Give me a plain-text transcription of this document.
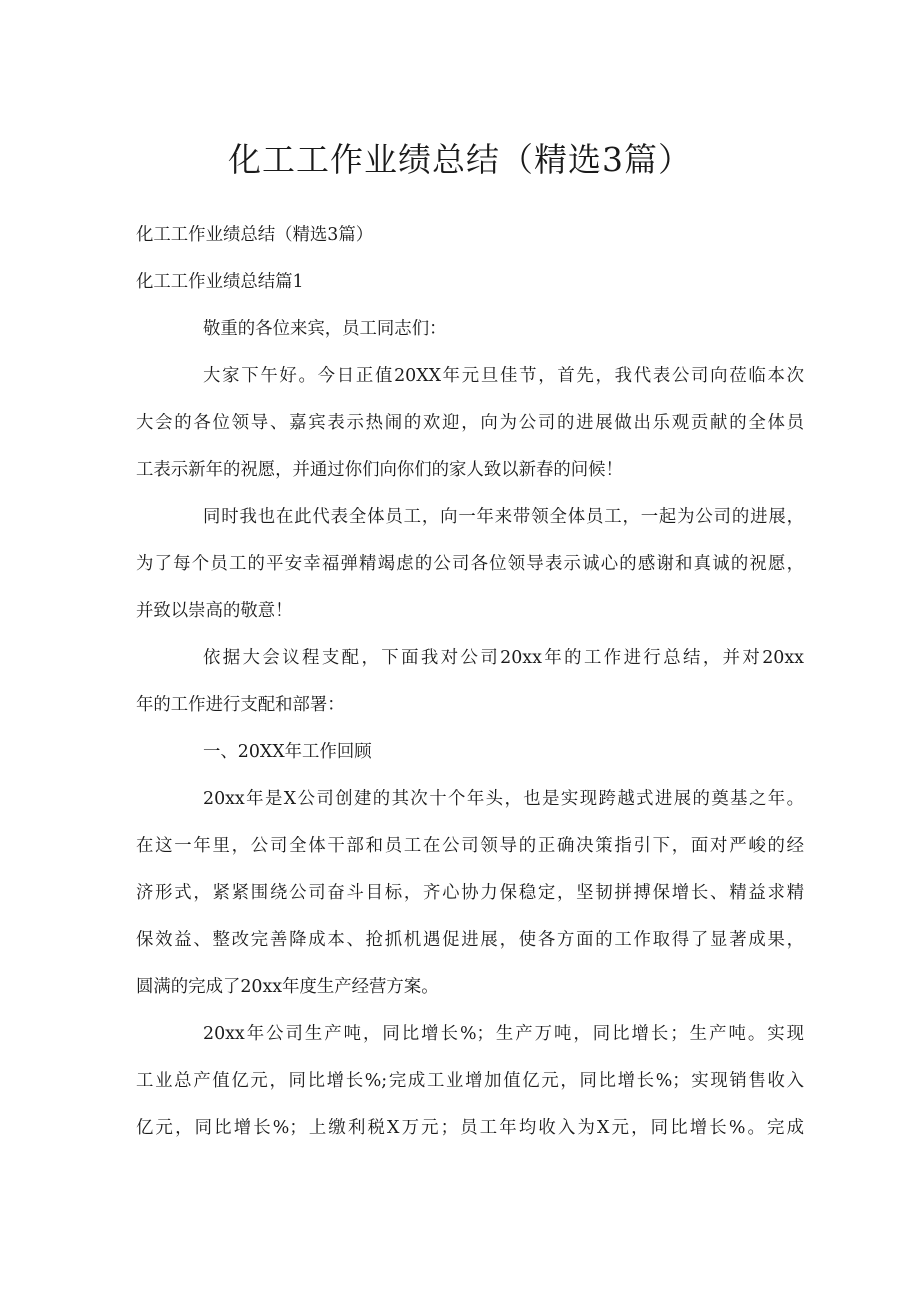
化工工作业绩总结（精选3篇）

化工工作业绩总结（精选3篇）

化工工作业绩总结篇1

敬重的各位来宾，员工同志们：

大家下午好。今日正值20XX年元旦佳节，首先，我代表公司向莅临本次

大会的各位领导、嘉宾表示热闹的欢迎，向为公司的进展做出乐观贡献的全体员

工表示新年的祝愿，并通过你们向你们的家人致以新春的问候！

同时我也在此代表全体员工，向一年来带领全体员工，一起为公司的进展，

为了每个员工的平安幸福弹精竭虑的公司各位领导表示诚心的感谢和真诚的祝愿，

并致以崇高的敬意！

依据大会议程支配，下面我对公司20xx年的工作进行总结，并对20xx

年的工作进行支配和部署：

一、20XX年工作回顾

20xx年是X公司创建的其次十个年头，也是实现跨越式进展的奠基之年。

在这一年里，公司全体干部和员工在公司领导的正确决策指引下，面对严峻的经

济形式，紧紧围绕公司奋斗目标，齐心协力保稳定，坚韧拼搏保增长、精益求精

保效益、整改完善降成本、抢抓机遇促进展，使各方面的工作取得了显著成果，

圆满的完成了20xx年度生产经营方案。

20xx年公司生产吨，同比增长%；生产万吨，同比增长；生产吨。实现

工业总产值亿元，同比增长%;完成工业增加值亿元，同比增长%；实现销售收入

亿元，同比增长%；上缴利税X万元；员工年均收入为X元，同比增长%。完成
